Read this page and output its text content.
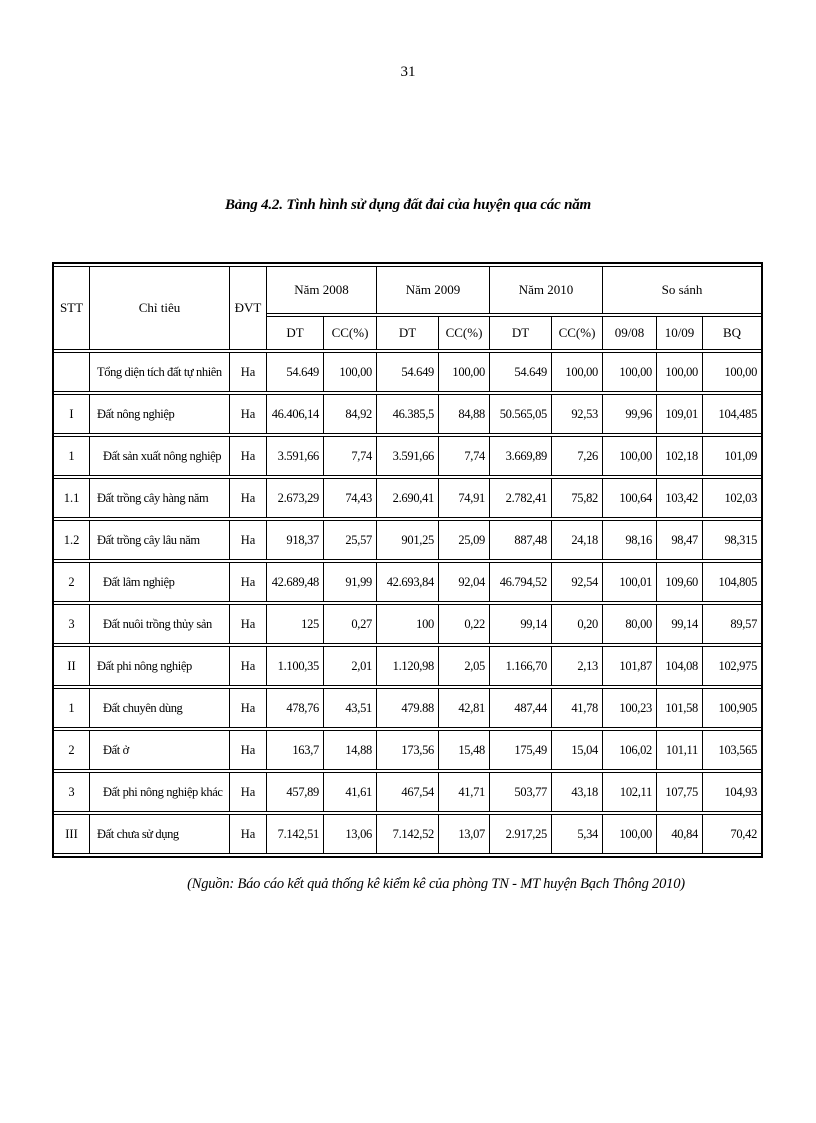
31
Bảng 4.2. Tình hình sử dụng đất đai của huyện qua các năm
STT	Chỉ tiêu	ĐVT	Năm 2008		Năm 2009		Năm 2010		So sánh		
			DT	CC(%)	DT	CC(%)	DT	CC(%)	09/08	10/09	BQ
	Tổng diện tích đất tự nhiên	Ha	54.649	100,00	54.649	100,00	54.649	100,00	100,00	100,00	100,00
I	Đất nông nghiệp	Ha	46.406,14	84,92	46.385,5	84,88	50.565,05	92,53	99,96	109,01	104,485
1	Đất sản xuất nông nghiệp	Ha	3.591,66	7,74	3.591,66	7,74	3.669,89	7,26	100,00	102,18	101,09
1.1	Đất trồng cây hàng năm	Ha	2.673,29	74,43	2.690,41	74,91	2.782,41	75,82	100,64	103,42	102,03
1.2	Đất trồng cây lâu năm	Ha	918,37	25,57	901,25	25,09	887,48	24,18	98,16	98,47	98,315
2	Đất lâm nghiệp	Ha	42.689,48	91,99	42.693,84	92,04	46.794,52	92,54	100,01	109,60	104,805
3	Đất nuôi trồng thủy sản	Ha	125	0,27	100	0,22	99,14	0,20	80,00	99,14	89,57
II	Đất phi nông nghiệp	Ha	1.100,35	2,01	1.120,98	2,05	1.166,70	2,13	101,87	104,08	102,975
1	Đất chuyên dùng	Ha	478,76	43,51	479.88	42,81	487,44	41,78	100,23	101,58	100,905
2	Đất ở	Ha	163,7	14,88	173,56	15,48	175,49	15,04	106,02	101,11	103,565
3	Đất phi nông nghiệp khác	Ha	457,89	41,61	467,54	41,71	503,77	43,18	102,11	107,75	104,93
III	Đất chưa sử dụng	Ha	7.142,51	13,06	7.142,52	13,07	2.917,25	5,34	100,00	40,84	70,42
(Nguồn: Báo cáo kết quả thống kê kiểm kê của phòng TN - MT huyện Bạch Thông 2010)
